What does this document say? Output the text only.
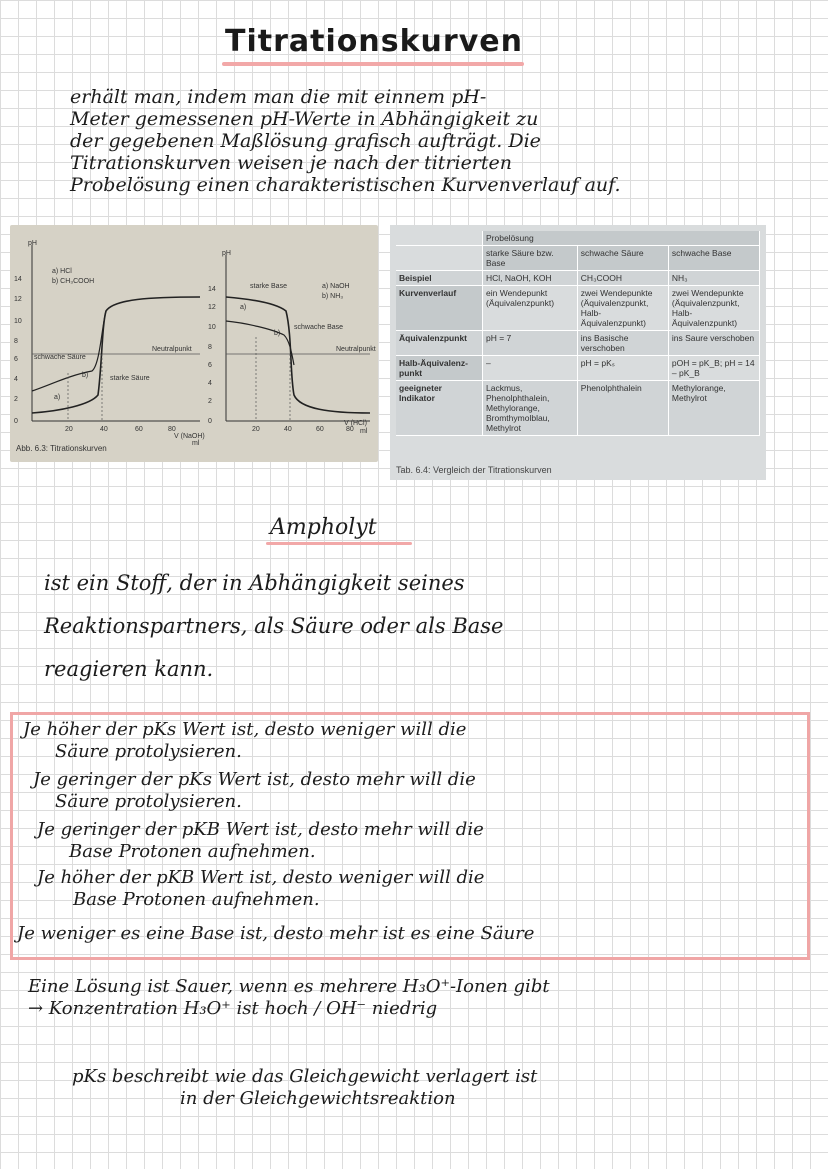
Titrationskurven
erhält man, indem man die mit einnem pH-
Meter gemessenen pH-Werte in Abhängigkeit zu
der gegebenen Maßlösung grafisch aufträgt. Die
Titrationskurven weisen je nach der titrierten
Probelösung einen charakteristischen Kurvenverlauf auf.
pH
14
12
10
8
6
4
2
0
20	40	60	80
V (NaOH)
ml
a) HCl
b) CH₃COOH
Neutralpunkt
schwache Säure
starke Säure
b)
a)
pH
14
12
10
8
6
4
2
0
20	40	60	80
V (HCl)
ml
starke Base	a) NaOH
b) NH₃
a)
b)
schwache Base
Neutralpunkt
Abb. 6.3: Titrationskurven
	Probelösung		
	starke Säure bzw. Base	schwache Säure	schwache Base
Beispiel	HCl, NaOH, KOH	CH₃COOH	NH₃
Kurvenverlauf	ein Wendepunkt (Äquivalenzpunkt)	zwei Wendepunkte (Äquivalenzpunkt, Halb-Äquivalenzpunkt)	zwei Wendepunkte (Äquivalenzpunkt, Halb-Äquivalenzpunkt)
Äquivalenzpunkt	pH = 7	ins Basische verschoben	ins Saure verschoben
Halb-Äquivalenz-punkt	–	pH = pKₛ	pOH = pK_B; pH = 14 – pK_B
geeigneter Indikator	Lackmus, Phenolphthalein, Methylorange, Bromthymolblau, Methylrot	Phenolphthalein	Methylorange, Methylrot
Tab. 6.4: Vergleich der Titrationskurven
Ampholyt
ist ein Stoff, der in Abhängigkeit seines
Reaktionspartners, als Säure oder als Base
reagieren kann.
Je höher der pKs Wert ist, desto weniger will die
Säure protolysieren.
Je geringer der pKs Wert ist, desto mehr will die
Säure protolysieren.
Je geringer der pKB Wert ist, desto mehr will die
Base Protonen aufnehmen.
Je höher der pKB Wert ist, desto weniger will die
Base Protonen aufnehmen.
Je weniger es eine Base ist, desto mehr ist es eine Säure
Eine Lösung ist Sauer, wenn es mehrere H₃O⁺-Ionen gibt
→ Konzentration H₃O⁺ ist hoch / OH⁻ niedrig
pKs beschreibt wie das Gleichgewicht verlagert ist
in der Gleichgewichtsreaktion
